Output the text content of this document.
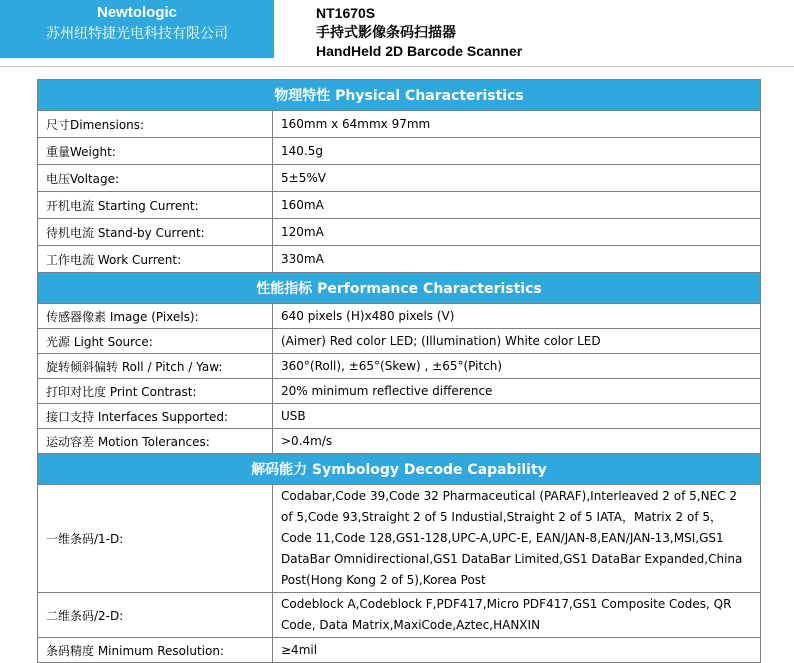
Newtologic
苏州纽特捷光电科技有限公司
NT1670S
手持式影像条码扫描器
HandHeld 2D Barcode Scanner
物理特性 Physical Characteristics	
尺寸Dimensions:	160mm x 64mmx 97mm
重量Weight:	140.5g
电压Voltage:	5±5%V
开机电流 Starting Current:	160mA
待机电流 Stand-by Current:	120mA
工作电流 Work Current:	330mA
性能指标 Performance Characteristics	
传感器像素 Image (Pixels):	640 pixels (H)x480 pixels (V)
光源 Light Source:	(Aimer) Red color LED; (Illumination) White color LED
旋转倾斜偏转 Roll / Pitch / Yaw:	360°(Roll), ±65°(Skew) , ±65°(Pitch)
打印对比度 Print Contrast:	20% minimum reflective difference
接口支持 Interfaces Supported:	USB
运动容差 Motion Tolerances:	>0.4m/s
解码能力 Symbology Decode Capability	
一维条码/1-D:	Codabar,Code 39,Code 32 Pharmaceutical (PARAF),Interleaved 2 of 5,NEC 2 of 5,Code 93,Straight 2 of 5 Industial,Straight 2 of 5 IATA，Matrix 2 of 5，Code 11,Code 128,GS1-128,UPC-A,UPC-E, EAN/JAN-8,EAN/JAN-13,MSI,GS1 DataBar Omnidirectional,GS1 DataBar Limited,GS1 DataBar Expanded,China Post(Hong Kong 2 of 5),Korea Post
二维条码/2-D:	Codeblock A,Codeblock F,PDF417,Micro PDF417,GS1 Composite Codes, QR Code, Data Matrix,MaxiCode,Aztec,HANXIN
条码精度 Minimum Resolution:	≥4mil
